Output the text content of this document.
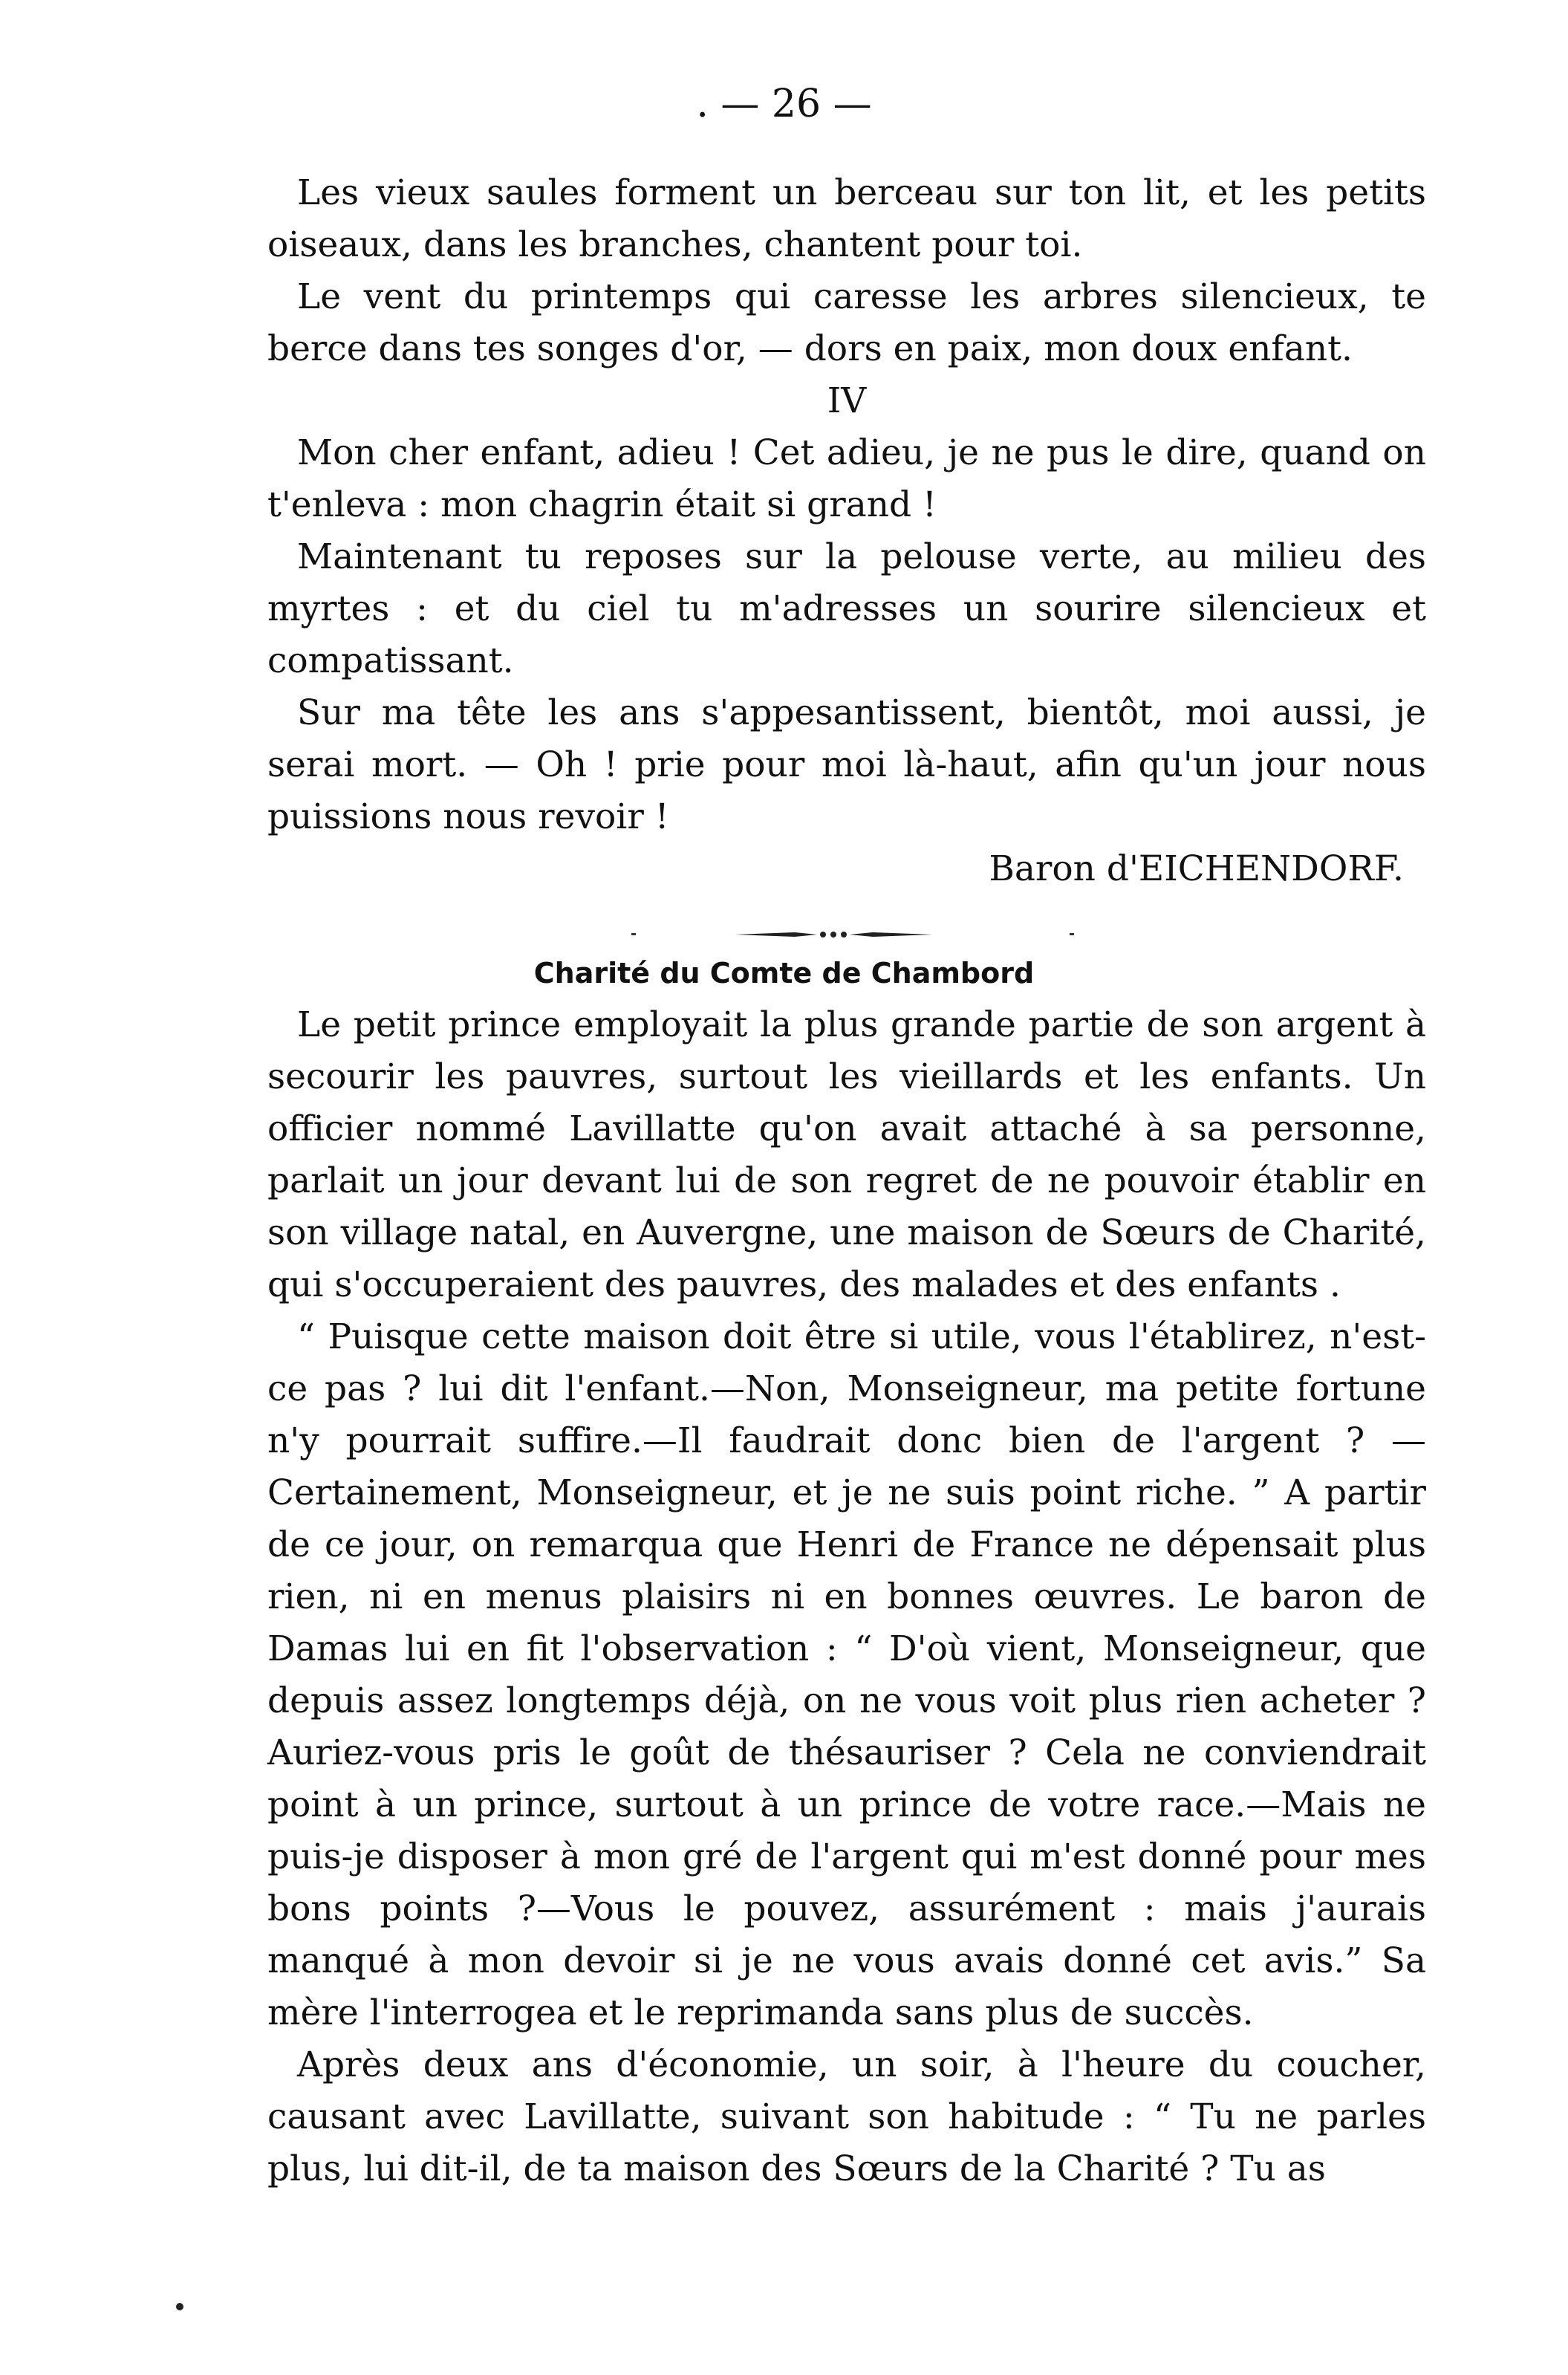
. — 26 —

Les vieux saules forment un berceau sur ton lit, et les petits oiseaux, dans les branches, chantent pour toi.

Le vent du printemps qui caresse les arbres silencieux, te berce dans tes songes d'or, — dors en paix, mon doux enfant.

IV

Mon cher enfant, adieu ! Cet adieu, je ne pus le dire, quand on t'enleva : mon chagrin était si grand !

Maintenant tu reposes sur la pelouse verte, au milieu des myrtes : et du ciel tu m'adresses un sourire silencieux et compatissant.

Sur ma tête les ans s'appesantissent, bientôt, moi aussi, je serai mort. — Oh ! prie pour moi là-haut, afin qu'un jour nous puissions nous revoir !

Baron d'EICHENDORF.

Charité du Comte de Chambord

Le petit prince employait la plus grande partie de son argent à secourir les pauvres, surtout les vieillards et les enfants. Un officier nommé Lavillatte qu'on avait attaché à sa personne, parlait un jour devant lui de son regret de ne pouvoir établir en son village natal, en Auvergne, une maison de Sœurs de Charité, qui s'occuperaient des pauvres, des malades et des enfants .

“ Puisque cette maison doit être si utile, vous l'établirez, n'est-ce pas ? lui dit l'enfant.—Non, Monseigneur, ma petite fortune n'y pourrait suffire.—Il faudrait donc bien de l'argent ? —Certainement, Monseigneur, et je ne suis point riche. ” A partir de ce jour, on remarqua que Henri de France ne dépensait plus rien, ni en menus plaisirs ni en bonnes œuvres. Le baron de Damas lui en fit l'observation : “ D'où vient, Monseigneur, que depuis assez longtemps déjà, on ne vous voit plus rien acheter ? Auriez-vous pris le goût de thésauriser ? Cela ne conviendrait point à un prince, surtout à un prince de votre race.—Mais ne puis-je disposer à mon gré de l'argent qui m'est donné pour mes bons points ?—Vous le pouvez, assurément : mais j'aurais manqué à mon devoir si je ne vous avais donné cet avis.” Sa mère l'interrogea et le reprimanda sans plus de succès.

Après deux ans d'économie, un soir, à l'heure du coucher, causant avec Lavillatte, suivant son habitude : “ Tu ne parles plus, lui dit-il, de ta maison des Sœurs de la Charité ? Tu as
